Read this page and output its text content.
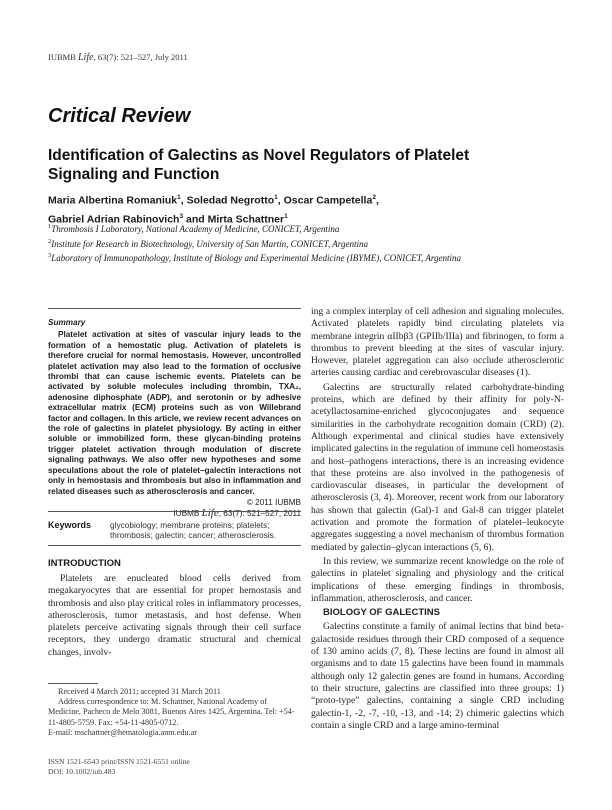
IUBMB Life, 63(7): 521–527, July 2011
Critical Review
Identification of Galectins as Novel Regulators of Platelet Signaling and Function
Maria Albertina Romaniuk$^1$, Soledad Negrotto$^1$, Oscar Campetella$^2$,
Gabriel Adrian Rabinovich$^3$ and Mirta Schattner$^1$
$^1$Thrombosis I Laboratory, National Academy of Medicine, CONICET, Argentina
$^2$Institute for Research in Biotechnology, University of San Martín, CONICET, Argentina
$^3$Laboratory of Immunopathology, Institute of Biology and Experimental Medicine (IBYME), CONICET, Argentina
Summary

Platelet activation at sites of vascular injury leads to the formation of a hemostatic plug. Activation of platelets is therefore crucial for normal hemostasis. However, uncontrolled platelet activation may also lead to the formation of occlusive thrombi that can cause ischemic events. Platelets can be activated by soluble molecules including thrombin, TXA₂, adenosine diphosphate (ADP), and serotonin or by adhesive extracellular matrix (ECM) proteins such as von Willebrand factor and collagen. In this article, we review recent advances on the role of galectins in platelet physiology. By acting in either soluble or immobilized form, these glycan-binding proteins trigger platelet activation through modulation of discrete signaling pathways. We also offer new hypotheses and some speculations about the role of platelet–galectin interactions not only in hemostasis and thrombosis but also in inflammation and related diseases such as atherosclerosis and cancer.

© 2011 IUBMB
IUBMB Life, 63(7): 521–527, 2011
Keywords glycobiology; membrane proteins; platelets; thrombosis; galectin; cancer; atherosclerosis.
INTRODUCTION

Platelets are enucleated blood cells derived from megakaryocytes that are essential for proper hemostasis and thrombosis and also play critical roles in inflammatory processes, atherosclerosis, tumor metastasis, and host defense. When platelets perceive activating signals through their cell surface receptors, they undergo dramatic structural and chemical changes, involv-

ing a complex interplay of cell adhesion and signaling molecules. Activated platelets rapidly bind circulating platelets via membrane integrin αIIbβ3 (GPIIb/IIIa) and fibrinogen, to form a thrombus to prevent bleeding at the sites of vascular injury. However, platelet aggregation can also occlude atherosclerotic arteries causing cardiac and cerebrovascular diseases (1).

Galectins are structurally related carbohydrate-binding proteins, which are defined by their affinity for poly-N-acetyllactosamine-enriched glycoconjugates and sequence similarities in the carbohydrate recognition domain (CRD) (2). Although experimental and clinical studies have extensively implicated galectins in the regulation of immune cell homeostasis and host–pathogens interactions, there is an increasing evidence that these proteins are also involved in the pathogenesis of cardiovascular diseases, in particular the development of atherosclerosis (3, 4). Moreover, recent work from our laboratory has shown that galectin (Gal)-1 and Gal-8 can trigger platelet activation and promote the formation of platelet–leukocyte aggregates suggesting a novel mechanism of thrombus formation mediated by galectin–glycan interactions (5, 6).

In this review, we summarize recent knowledge on the role of galectins in platelet signaling and physiology and the critical implications of these emerging findings in thrombosis, inflammation, atherosclerosis, and cancer.

BIOLOGY OF GALECTINS

Galectins constitute a family of animal lectins that bind beta-galactoside residues through their CRD composed of a sequence of 130 amino acids (7, 8). These lectins are found in almost all organisms and to date 15 galectins have been found in mammals although only 12 galectin genes are found in humans. According to their structure, galectins are classified into three groups: 1) “proto-type” galectins, containing a single CRD including galectin-1, -2, -7, -10, -13, and -14; 2) chimeric galectins which contain a single CRD and a large amino-terminal

Received 4 March 2011; accepted 31 March 2011
Address correspondence to: M. Schattner, National Academy of Medicine, Pacheco de Melo 3081, Buenos Aires 1425, Argentina. Tel: +54-11-4805-5759. Fax: +54-11-4805-0712.
E-mail: mschattner@hematologia.anm.edu.ar
ISSN 1521-6543 print/ISSN 1521-6551 online
DOI: 10.1002/iub.483
